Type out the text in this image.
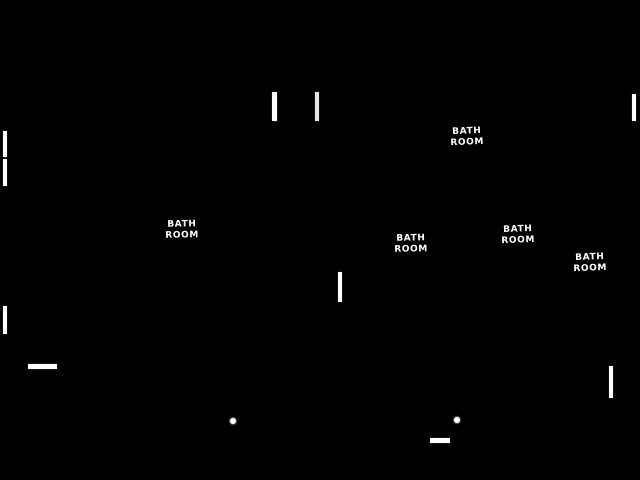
BATH
ROOM
BATH
ROOM	BATH
ROOM
BATH
ROOM
BATH
ROOM
